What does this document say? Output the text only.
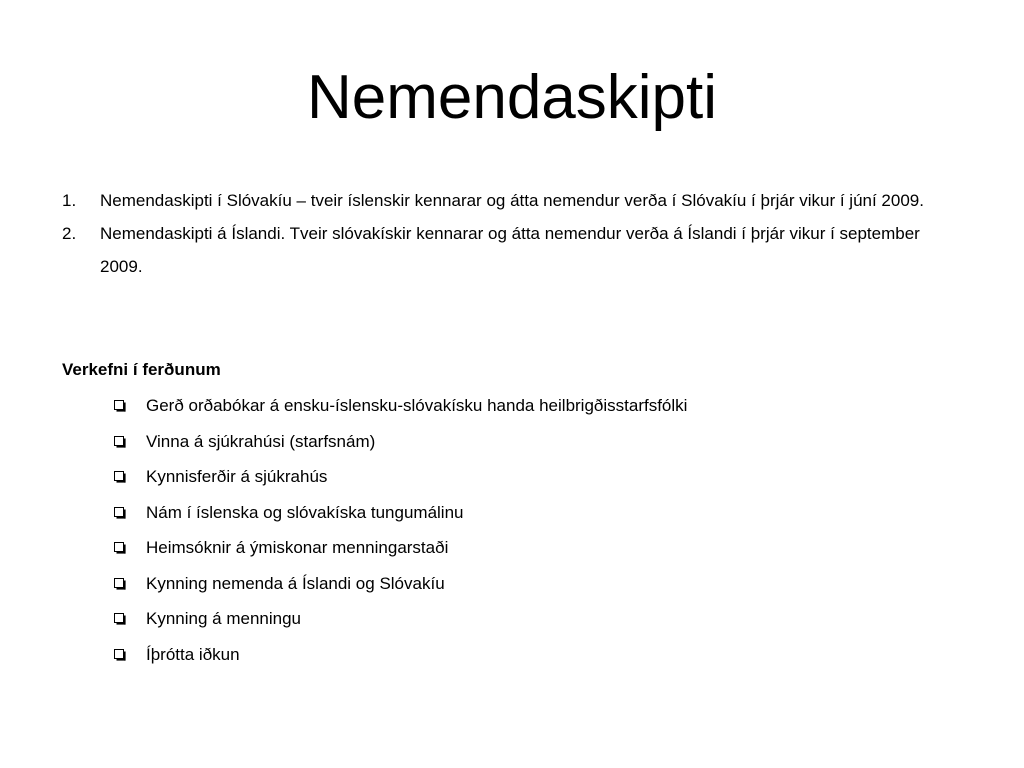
Nemendaskipti
1. Nemendaskipti í Slóvakíu – tveir íslenskir kennarar og átta nemendur verða í Slóvakíu í þrjár vikur í júní 2009.
2. Nemendaskipti á Íslandi. Tveir slóvakískir kennarar og átta nemendur verða á Íslandi í þrjár vikur í september 2009.

Verkefni í ferðunum

Gerð orðabókar á ensku-íslensku-slóvakísku handa heilbrigðisstarfsfólki
Vinna á sjúkrahúsi (starfsnám)
Kynnisferðir á sjúkrahús
Nám í íslenska og slóvakíska tungumálinu
Heimsóknir á ýmiskonar menningarstaði
Kynning nemenda á Íslandi og Slóvakíu
Kynning á menningu
Íþrótta iðkun
